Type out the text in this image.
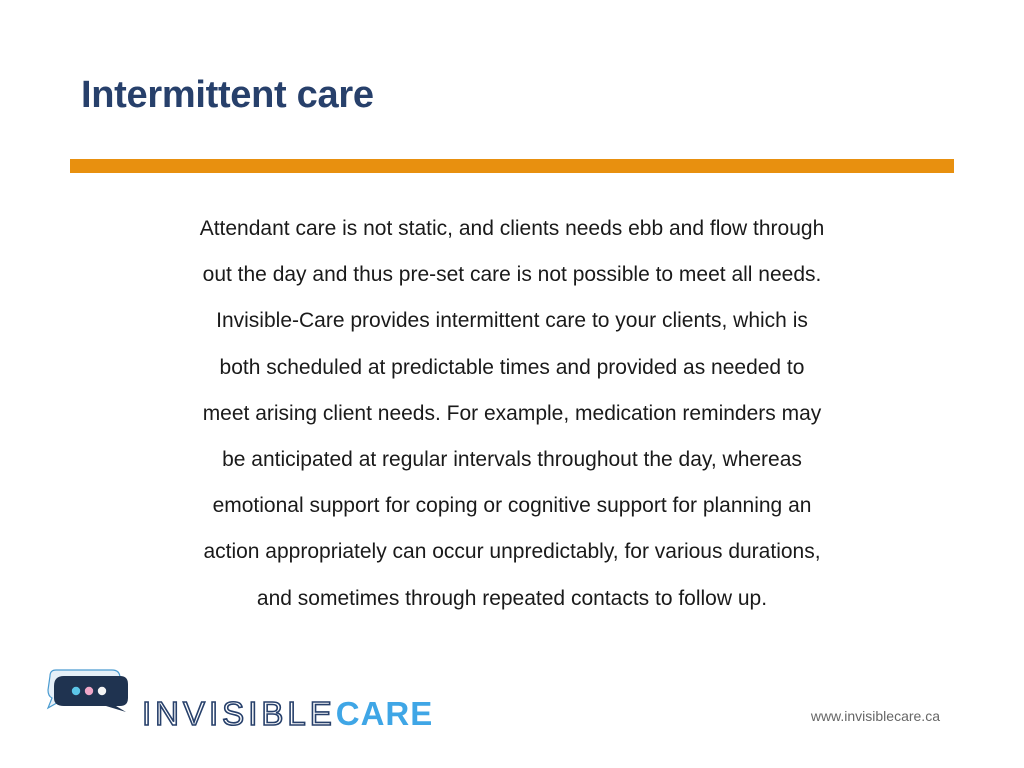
Intermittent care

Attendant care is not static, and clients needs ebb and flow through
out the day and thus pre-set care is not possible to meet all needs.
Invisible-Care provides intermittent care to your clients, which is
both scheduled at predictable times and provided as needed to
meet arising client needs. For example, medication reminders may
be anticipated at regular intervals throughout the day, whereas
emotional support for coping or cognitive support for planning an
action appropriately can occur unpredictably, for various durations,
and sometimes through repeated contacts to follow up.

INVISIBLECARE	www.invisiblecare.ca
